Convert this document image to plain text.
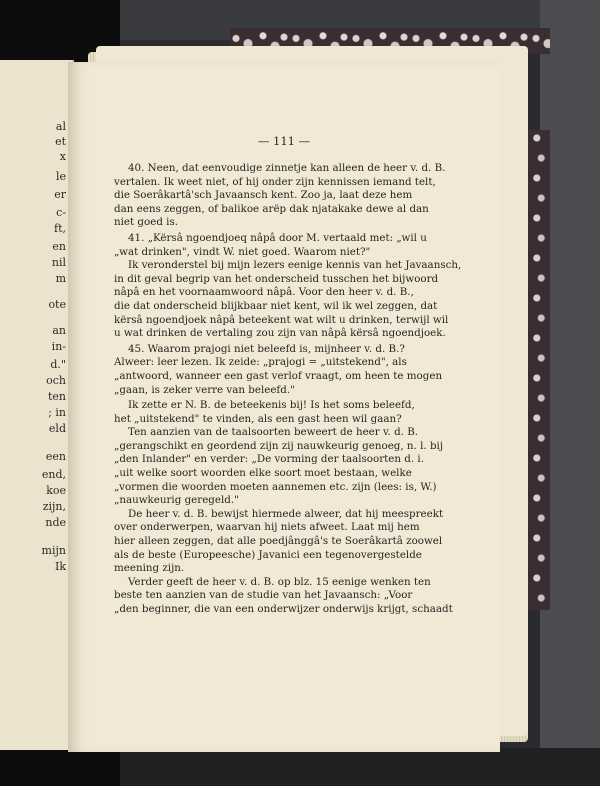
al
et
x
le
er
c-
ft,
en
nil
m
ote
an
in-
d."
och
ten
; in
eld
een
end,
koe
zijn,
nde
mijn
Ik
— 111 —
40. Neen, dat eenvoudige zinnetje kan alleen de heer v. d. B.
vertalen. Ik weet niet, of hij onder zijn kennissen iemand telt,
die Soerâkartâ'sch Javaansch kent. Zoo ja, laat deze hem
dan eens zeggen, of balikoe arëp dak njatakake dewe al dan
niet goed is.
41. „Kërsâ ngoendjoeq nâpâ door M. vertaald met: „wil u
„wat drinken", vindt W. niet goed. Waarom niet?"
Ik veronderstel bij mijn lezers eenige kennis van het Javaansch,
in dit geval begrip van het onderscheid tusschen het bijwoord
nâpâ en het voornaamwoord nâpâ. Voor den heer v. d. B.,
die dat onderscheid blijkbaar niet kent, wil ik wel zeggen, dat
kërsâ ngoendjoek nâpâ beteekent wat wilt u drinken, terwijl wil
u wat drinken de vertaling zou zijn van nâpâ kërsâ ngoendjoek.
45. Waarom prajogi niet beleefd is, mijnheer v. d. B.?
Alweer: leer lezen. Ik zeide: „prajogi = „uitstekend", als
„antwoord, wanneer een gast verlof vraagt, om heen te mogen
„gaan, is zeker verre van beleefd."
Ik zette er N. B. de beteekenis bij! Is het soms beleefd,
het „uitstekend" te vinden, als een gast heen wil gaan?
Ten aanzien van de taalsoorten beweert de heer v. d. B.
„gerangschikt en geordend zijn zij nauwkeurig genoeg, n. l. bij
„den Inlander" en verder: „De vorming der taalsoorten d. i.
„uit welke soort woorden elke soort moet bestaan, welke
„vormen die woorden moeten aannemen etc. zijn (lees: is, W.)
„nauwkeurig geregeld."
De heer v. d. B. bewijst hiermede alweer, dat hij meespreekt
over onderwerpen, waarvan hij niets afweet. Laat mij hem
hier alleen zeggen, dat alle poedjânggâ's te Soerâkartâ zoowel
als de beste (Europeesche) Javanici een tegenovergestelde
meening zijn.
Verder geeft de heer v. d. B. op blz. 15 eenige wenken ten
beste ten aanzien van de studie van het Javaansch: „Voor
„den beginner, die van een onderwijzer onderwijs krijgt, schaadt
